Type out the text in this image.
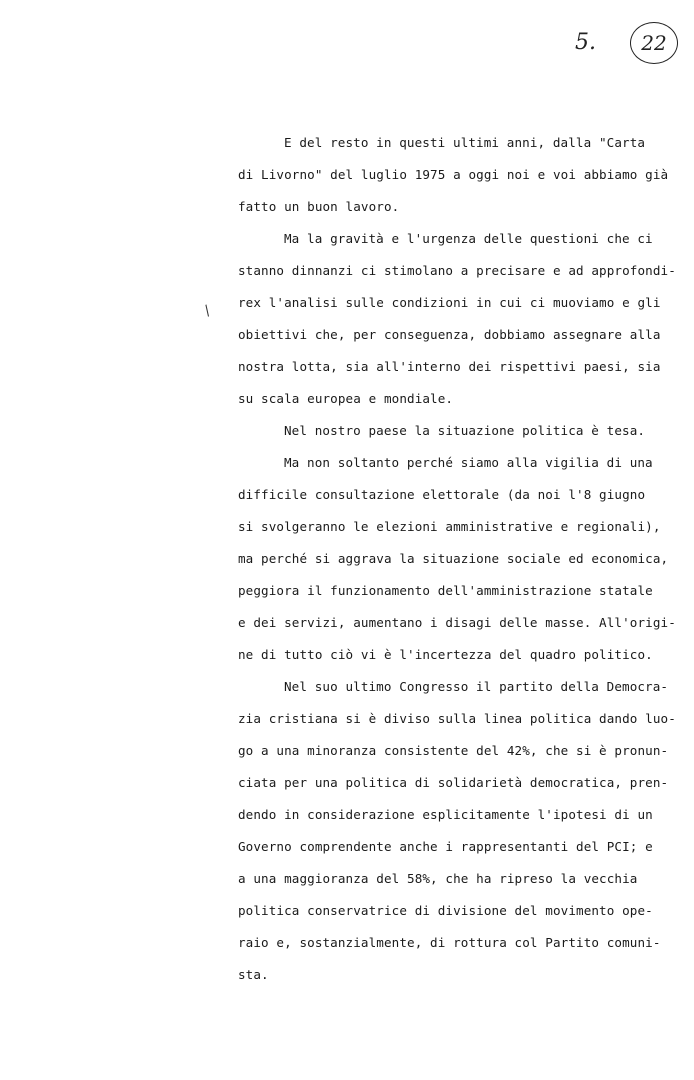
5.	22
/
E del resto in questi ultimi anni, dalla "Carta
di Livorno" del luglio 1975 a oggi noi e voi abbiamo già
fatto un buon lavoro.
Ma la gravità e l'urgenza delle questioni che ci
stanno dinnanzi ci stimolano a precisare e ad approfondi-
rex l'analisi sulle condizioni in cui ci muoviamo e gli
obiettivi che, per conseguenza, dobbiamo assegnare alla
nostra lotta, sia all'interno dei rispettivi paesi, sia
su scala europea e mondiale.
Nel nostro paese la situazione politica è tesa.
Ma non soltanto perché siamo alla vigilia di una
difficile consultazione elettorale (da noi l'8 giugno
si svolgeranno le elezioni amministrative e regionali),
ma perché si aggrava la situazione sociale ed economica,
peggiora il funzionamento dell'amministrazione statale
e dei servizi, aumentano i disagi delle masse. All'origi-
ne di tutto ciò vi è l'incertezza del quadro politico.
Nel suo ultimo Congresso il partito della Democra-
zia cristiana si è diviso sulla linea politica dando luo-
go a una minoranza consistente del 42%, che si è pronun-
ciata per una politica di solidarietà democratica, pren-
dendo in considerazione esplicitamente l'ipotesi di un
Governo comprendente anche i rappresentanti del PCI; e
a una maggioranza del 58%, che ha ripreso la vecchia
politica conservatrice di divisione del movimento ope-
raio e, sostanzialmente, di rottura col Partito comuni-
sta.
